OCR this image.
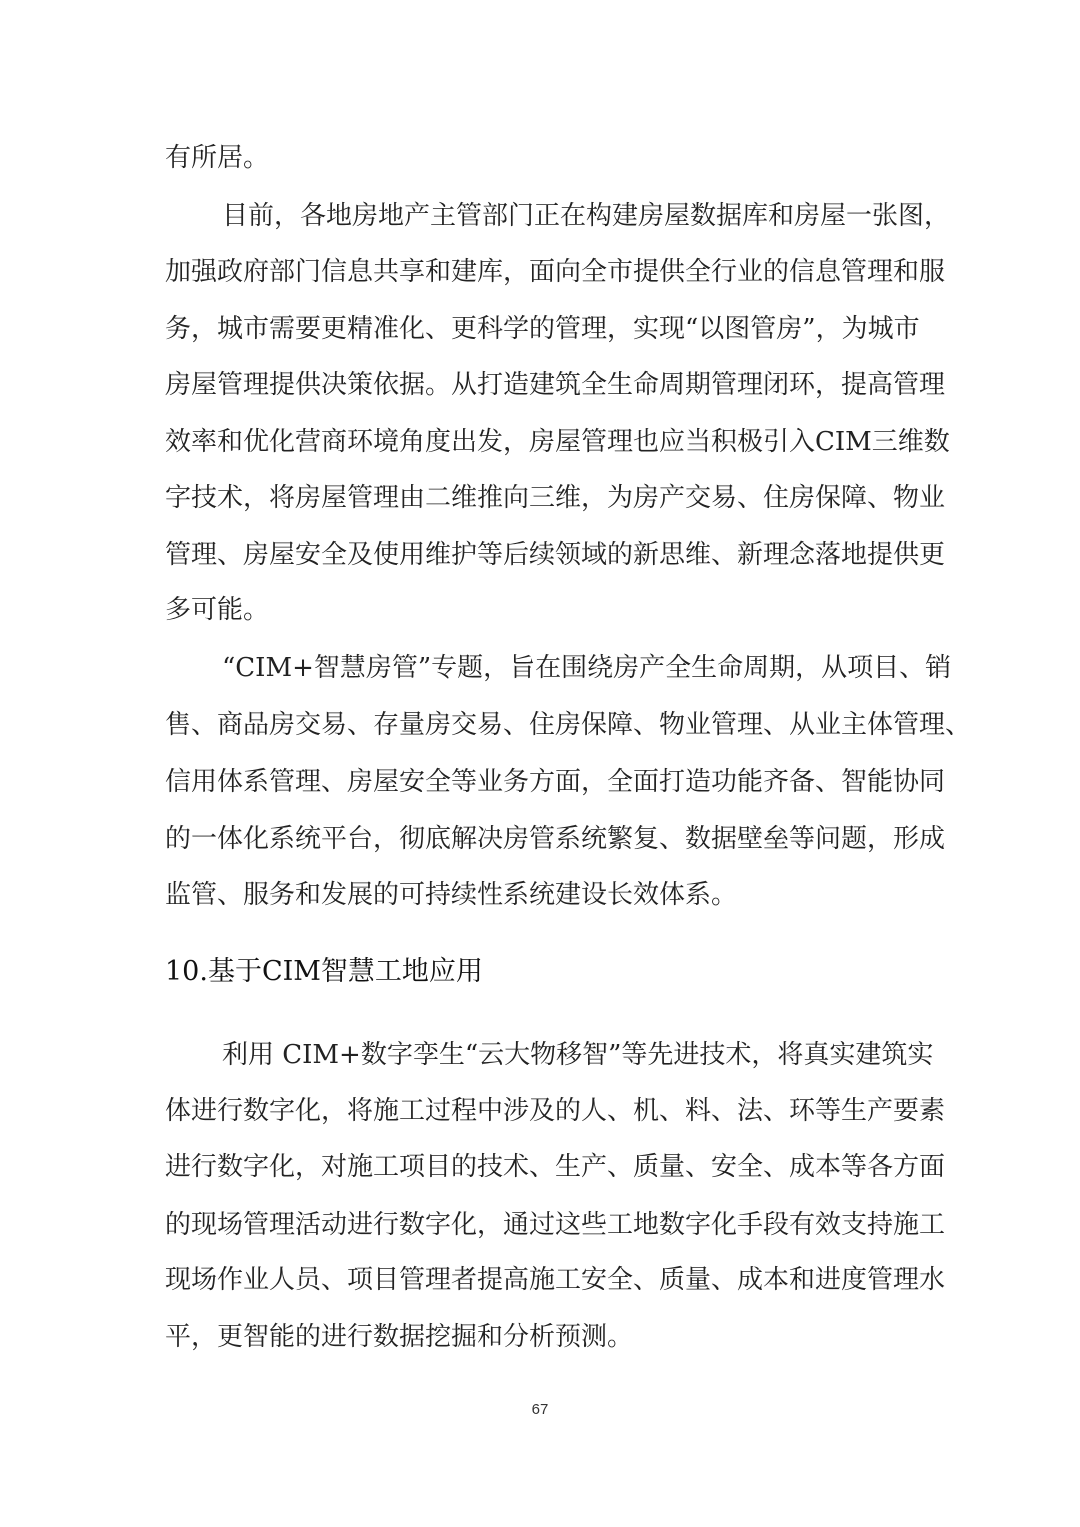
有所居。
目前，各地房地产主管部门正在构建房屋数据库和房屋一张图，
加强政府部门信息共享和建库，面向全市提供全行业的信息管理和服
务，城市需要更精准化、更科学的管理，实现“以图管房”，为城市
房屋管理提供决策依据。从打造建筑全生命周期管理闭环，提高管理
效率和优化营商环境角度出发，房屋管理也应当积极引入CIM三维数
字技术，将房屋管理由二维推向三维，为房产交易、住房保障、物业
管理、房屋安全及使用维护等后续领域的新思维、新理念落地提供更
多可能。
“CIM+智慧房管”专题，旨在围绕房产全生命周期，从项目、销
售、商品房交易、存量房交易、住房保障、物业管理、从业主体管理、
信用体系管理、房屋安全等业务方面，全面打造功能齐备、智能协同
的一体化系统平台，彻底解决房管系统繁复、数据壁垒等问题，形成
监管、服务和发展的可持续性系统建设长效体系。
10.基于CIM智慧工地应用
利用 CIM+数字孪生“云大物移智”等先进技术，将真实建筑实
体进行数字化，将施工过程中涉及的人、机、料、法、环等生产要素
进行数字化，对施工项目的技术、生产、质量、安全、成本等各方面
的现场管理活动进行数字化，通过这些工地数字化手段有效支持施工
现场作业人员、项目管理者提高施工安全、质量、成本和进度管理水
平，更智能的进行数据挖掘和分析预测。
67
